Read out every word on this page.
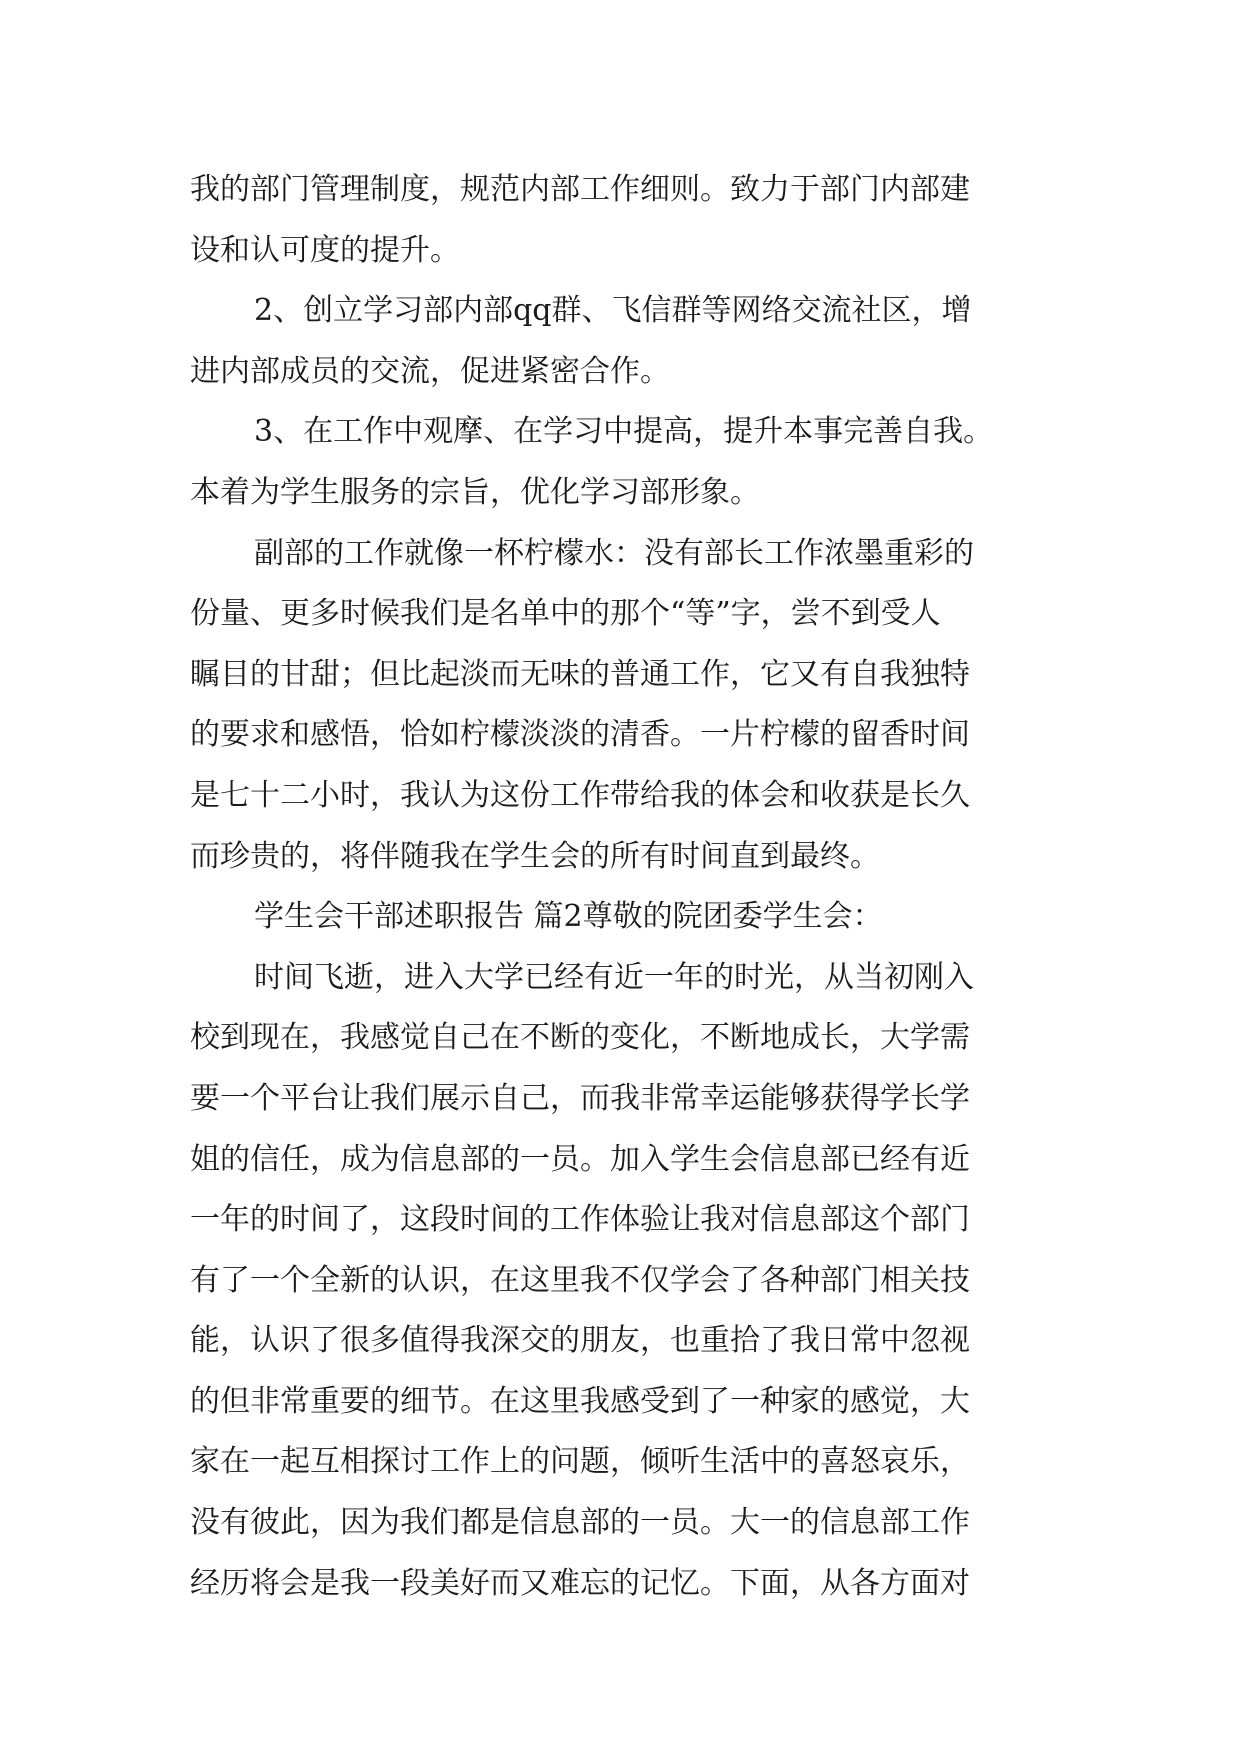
我的部门管理制度，规范内部工作细则。致力于部门内部建
设和认可度的提升。
2、创立学习部内部qq群、飞信群等网络交流社区，增
进内部成员的交流，促进紧密合作。
3、在工作中观摩、在学习中提高，提升本事完善自我。
本着为学生服务的宗旨，优化学习部形象。
副部的工作就像一杯柠檬水：没有部长工作浓墨重彩的
份量、更多时候我们是名单中的那个“等”字，尝不到受人
瞩目的甘甜；但比起淡而无味的普通工作，它又有自我独特
的要求和感悟，恰如柠檬淡淡的清香。一片柠檬的留香时间
是七十二小时，我认为这份工作带给我的体会和收获是长久
而珍贵的，将伴随我在学生会的所有时间直到最终。
学生会干部述职报告 篇2尊敬的院团委学生会：
时间飞逝，进入大学已经有近一年的时光，从当初刚入
校到现在，我感觉自己在不断的变化，不断地成长，大学需
要一个平台让我们展示自己，而我非常幸运能够获得学长学
姐的信任，成为信息部的一员。加入学生会信息部已经有近
一年的时间了，这段时间的工作体验让我对信息部这个部门
有了一个全新的认识，在这里我不仅学会了各种部门相关技
能，认识了很多值得我深交的朋友，也重拾了我日常中忽视
的但非常重要的细节。在这里我感受到了一种家的感觉，大
家在一起互相探讨工作上的问题，倾听生活中的喜怒哀乐，
没有彼此，因为我们都是信息部的一员。大一的信息部工作
经历将会是我一段美好而又难忘的记忆。下面，从各方面对
